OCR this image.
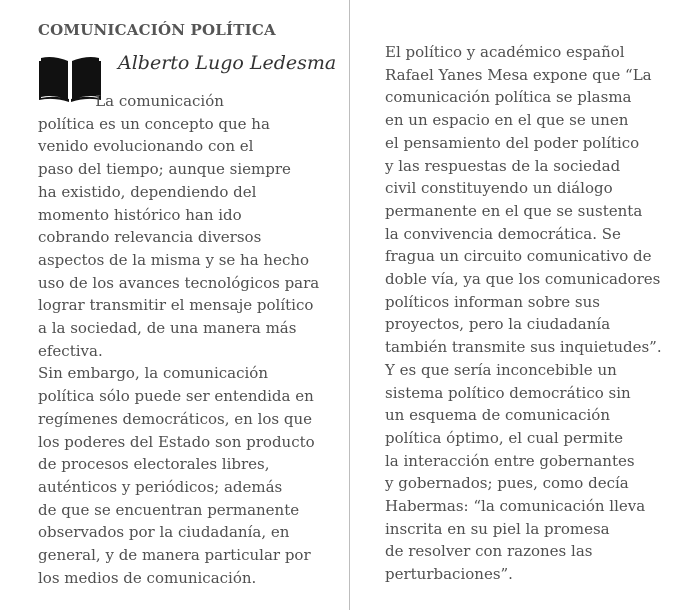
COMUNICACIÓN POLÍTICA

Alberto Lugo Ledesma

La comunicación
política es un concepto que ha
venido evolucionando con el
paso del tiempo; aunque siempre
ha existido, dependiendo del
momento histórico han ido
cobrando relevancia diversos
aspectos de la misma y se ha hecho
uso de los avances tecnológicos para
lograr transmitir el mensaje político
a la sociedad, de una manera más
efectiva.
Sin embargo, la comunicación
política sólo puede ser entendida en
regímenes democráticos, en los que
los poderes del Estado son producto
de procesos electorales libres,
auténticos y periódicos; además
de que se encuentran permanente
observados por la ciudadanía, en
general, y de manera particular por
los medios de comunicación.
El político y académico español
Rafael Yanes Mesa expone que “La
comunicación política se plasma
en un espacio en el que se unen
el pensamiento del poder político
y las respuestas de la sociedad
civil constituyendo un diálogo
permanente en el que se sustenta
la convivencia democrática. Se
fragua un circuito comunicativo de
doble vía, ya que los comunicadores
políticos informan sobre sus
proyectos, pero la ciudadanía
también transmite sus inquietudes”.
Y es que sería inconcebible un
sistema político democrático sin
un esquema de comunicación
política óptimo, el cual permite
la interacción entre gobernantes
y gobernados; pues, como decía
Habermas: “la comunicación lleva
inscrita en su piel la promesa
de resolver con razones las
perturbaciones”.
